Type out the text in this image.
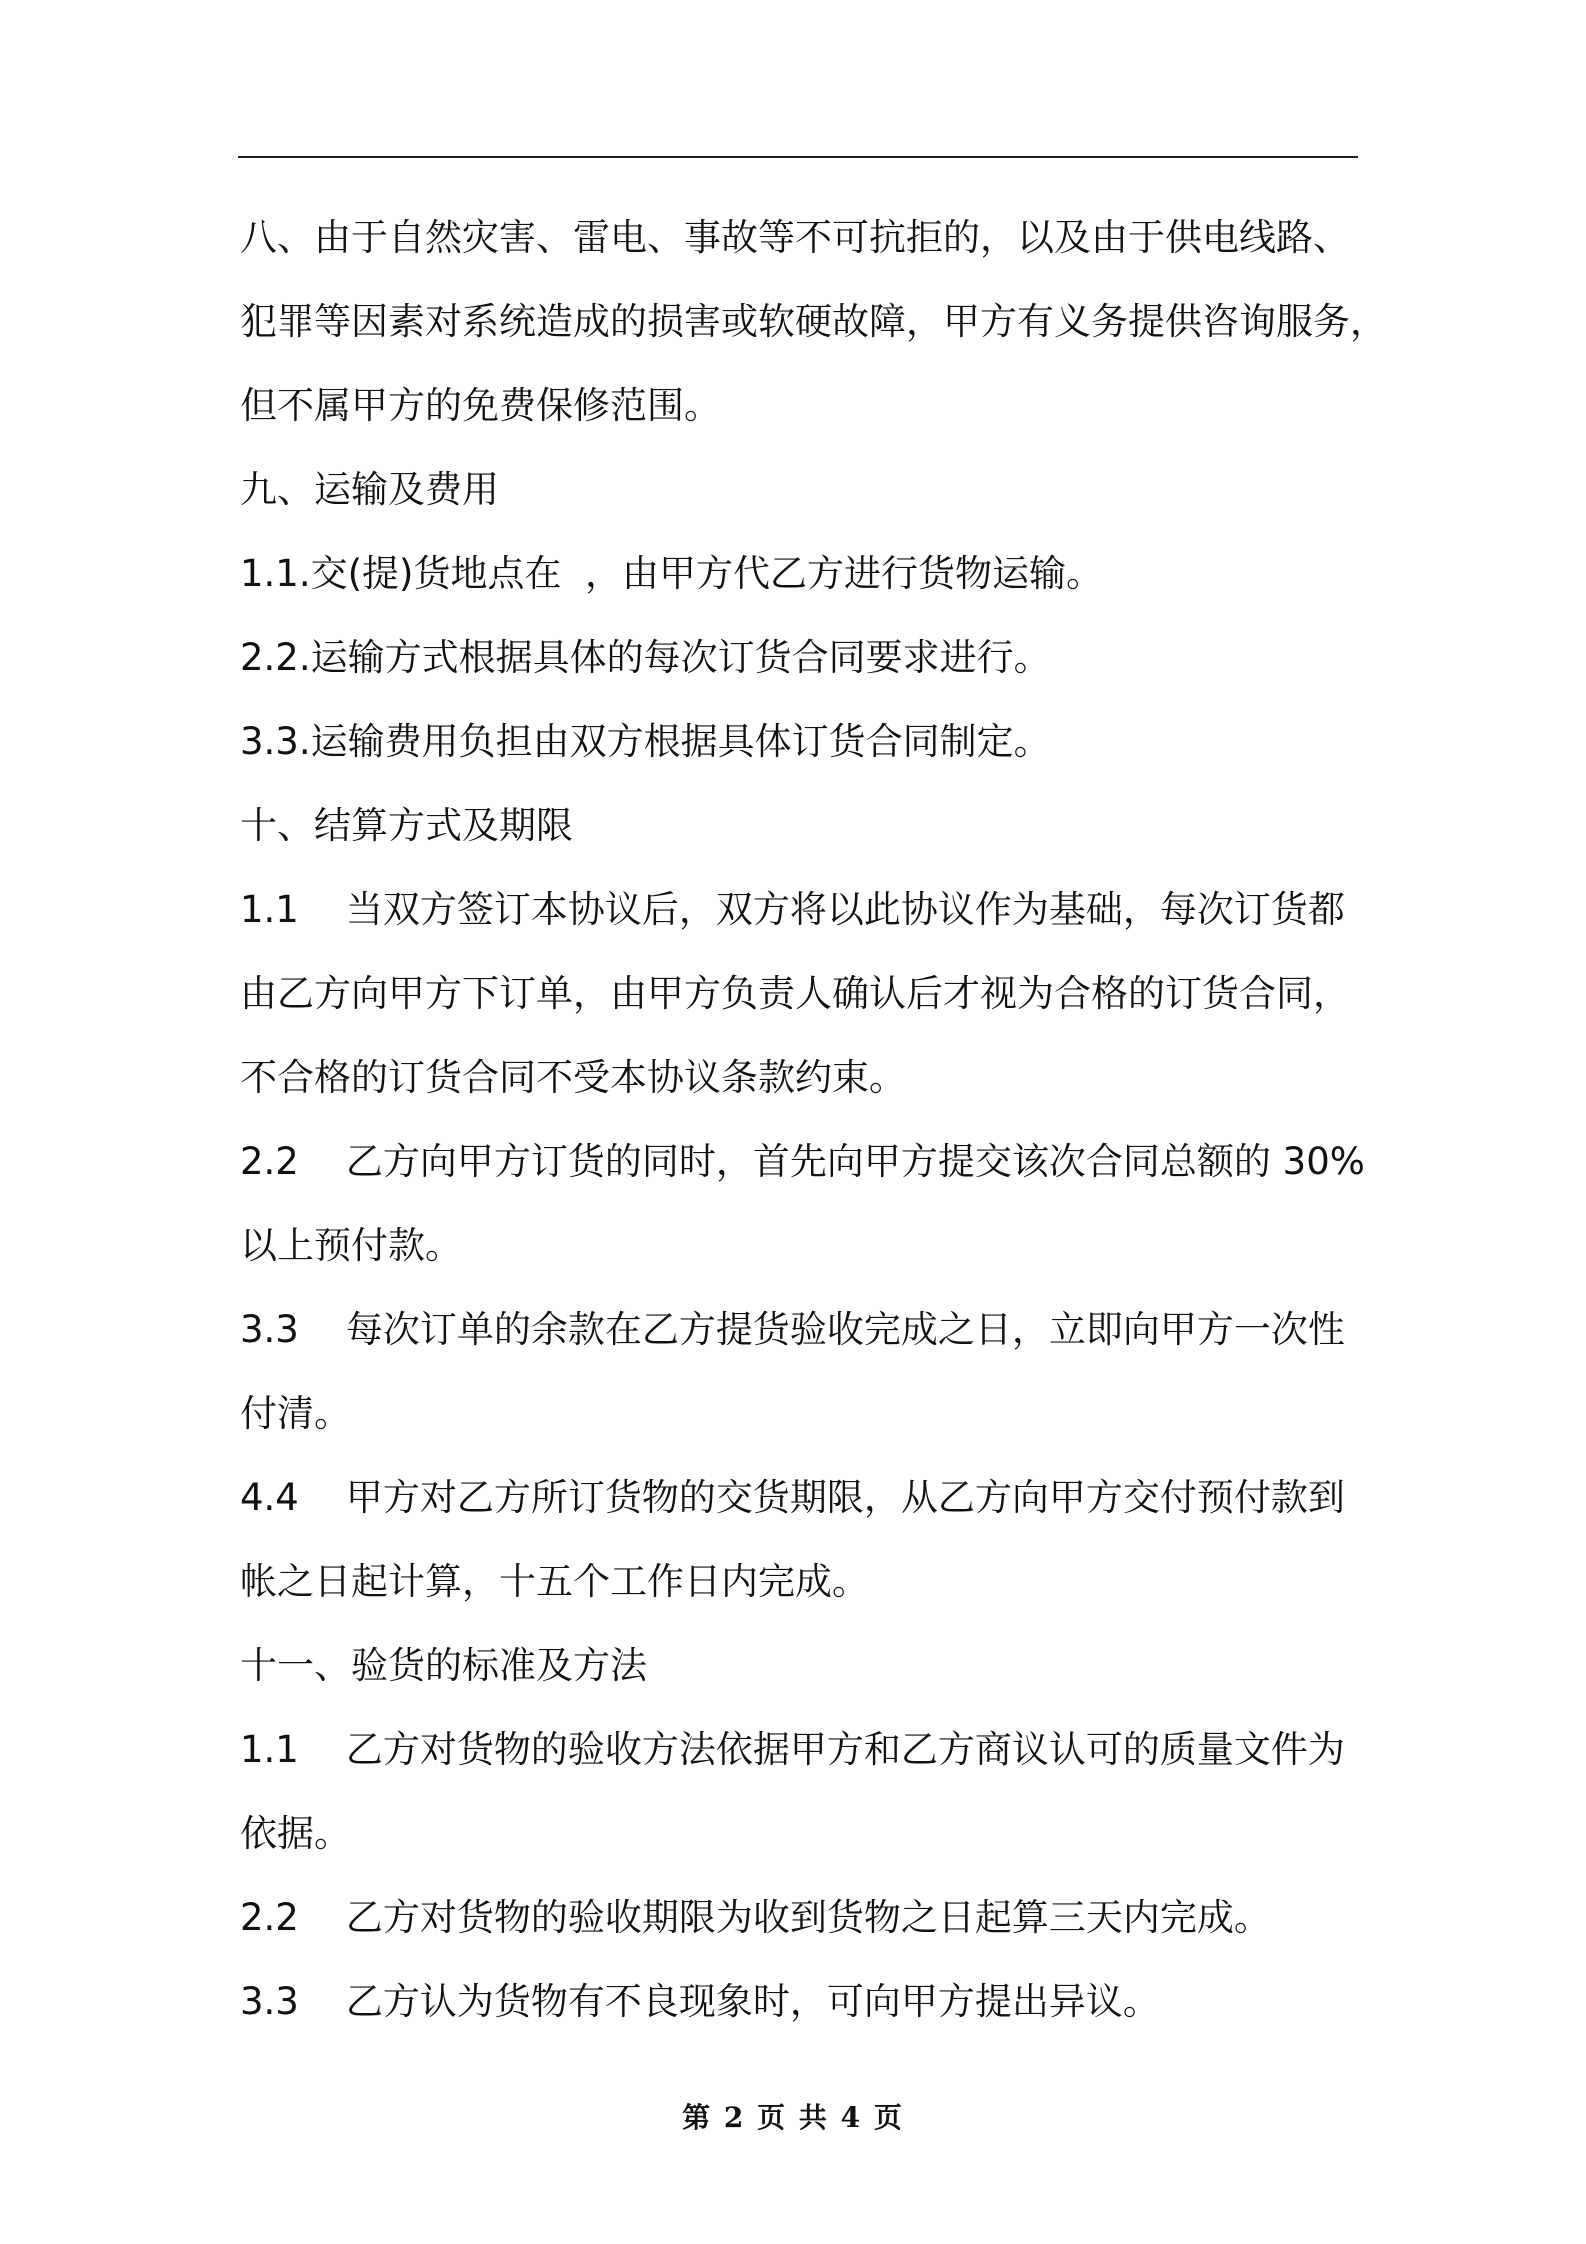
八、由于自然灾害、雷电、事故等不可抗拒的，以及由于供电线路、
犯罪等因素对系统造成的损害或软硬故障，甲方有义务提供咨询服务，
但不属甲方的免费保修范围。
九、运输及费用
1.1.交(提)货地点在  ，由甲方代乙方进行货物运输。
2.2.运输方式根据具体的每次订货合同要求进行。
3.3.运输费用负担由双方根据具体订货合同制定。
十、结算方式及期限
1.1    当双方签订本协议后，双方将以此协议作为基础，每次订货都
由乙方向甲方下订单，由甲方负责人确认后才视为合格的订货合同，
不合格的订货合同不受本协议条款约束。
2.2    乙方向甲方订货的同时，首先向甲方提交该次合同总额的 30%
以上预付款。
3.3    每次订单的余款在乙方提货验收完成之日，立即向甲方一次性
付清。
4.4    甲方对乙方所订货物的交货期限，从乙方向甲方交付预付款到
帐之日起计算，十五个工作日内完成。
十一、验货的标准及方法
1.1    乙方对货物的验收方法依据甲方和乙方商议认可的质量文件为
依据。
2.2    乙方对货物的验收期限为收到货物之日起算三天内完成。
3.3    乙方认为货物有不良现象时，可向甲方提出异议。
第 2 页 共 4 页
